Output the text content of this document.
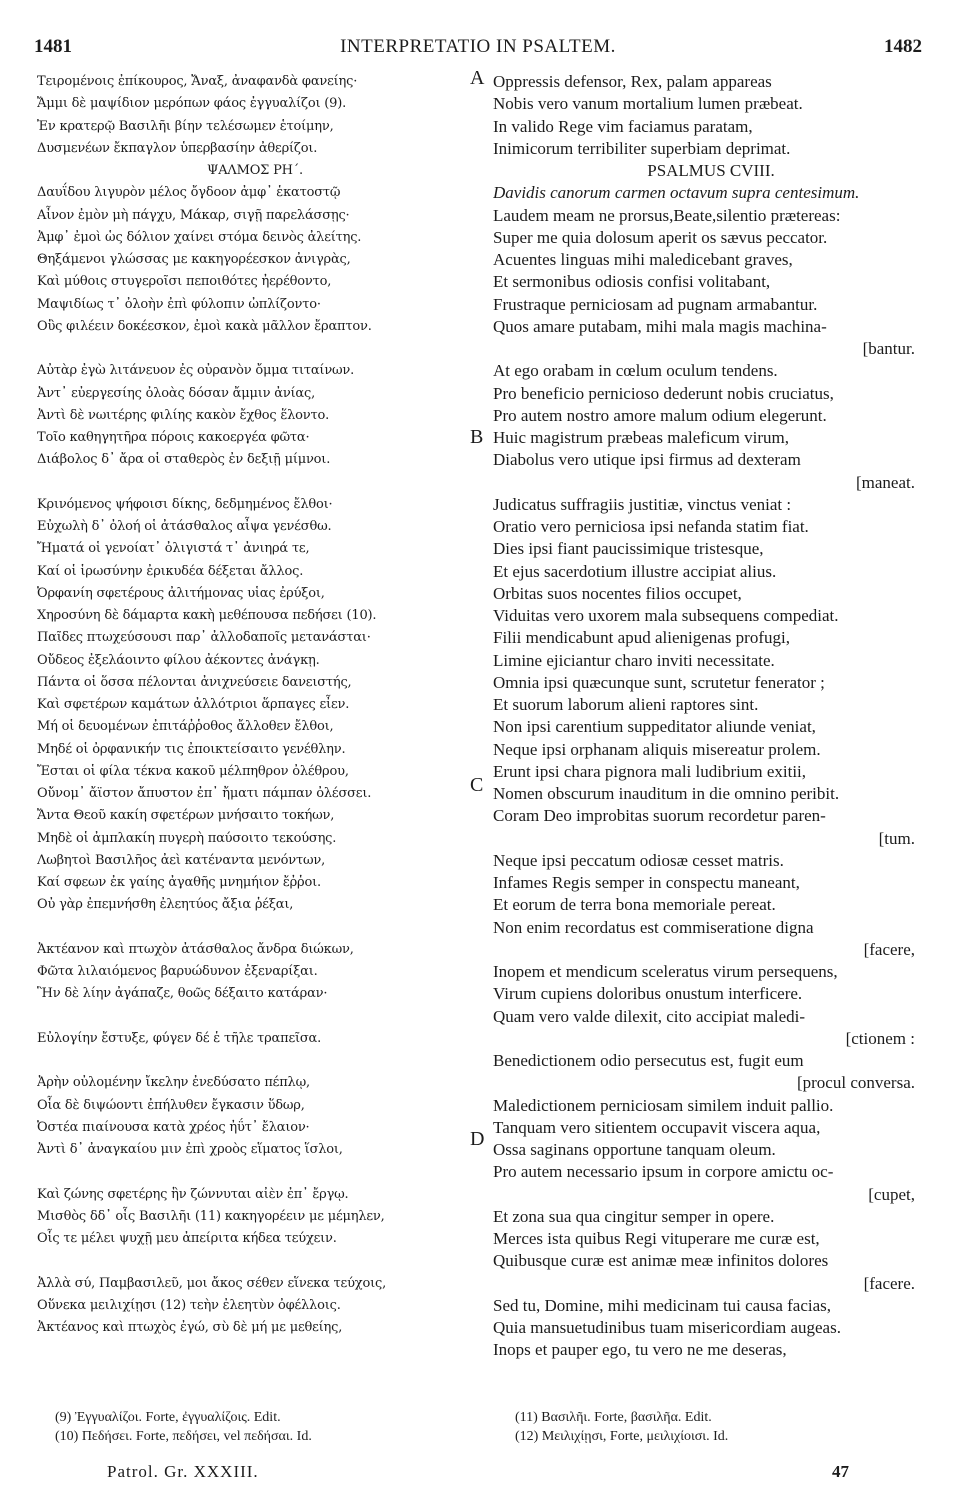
1481	INTERPRETATIO IN PSALTEM.	1482
Τειρομένοις ἐπίκουρος, Ἄναξ, ἀναφανδὰ φανείης·
Ἄμμι δὲ μαψίδιον μερόπων φάος ἐγγυαλίζοι (9).
Ἐν κρατερῷ Βασιλῆι βίην τελέσωμεν ἑτοίμην,
Δυσμενέων ἔκπαγλον ὑπερβασίην ἀθερίζοι.
ΨΑΛΜΟΣ ΡΗ΄.
Δαυΐδου λιγυρὸν μέλος ὄγδοον ἀμφ᾽ ἑκατοστῷ
Αἶνον ἐμὸν μὴ πάγχυ, Μάκαρ, σιγῇ παρελάσσῃς·
Ἀμφ᾽ ἐμοὶ ὡς δόλιον χαίνει στόμα δεινὸς ἀλείτης.
Θηξάμενοι γλώσσας με κακηγορέεσκον ἀνιγρὰς,
Καὶ μύθοις στυγεροῖσι πεποιθότες ἠερέθοντο,
Μαψιδίως τ᾽ ὀλοὴν ἐπὶ φύλοπιν ὠπλίζοντο·
Οὓς φιλέειν δοκέεσκον, ἐμοὶ κακὰ μᾶλλον ἔραπτον.
Αὐτὰρ ἐγὼ λιτάνευον ἐς οὐρανὸν ὄμμα τιταίνων.
Ἀντ᾽ εὐεργεσίης ὀλοὰς δόσαν ἄμμιν ἀνίας,
Ἀντὶ δὲ νωιτέρης φιλίης κακὸν ἔχθος ἕλοντο.
Τοῖο καθηγητῆρα πόροις κακοεργέα φῶτα·
Διάβολος δ᾽ ἄρα οἱ σταθερὸς ἐν δεξιῇ μίμνοι.
Κρινόμενος ψήφοισι δίκης, δεδμημένος ἔλθοι·
Εὐχωλὴ δ᾽ ὀλοή οἱ ἀτάσθαλος αἶψα γενέσθω.
Ἤματά οἱ γενοίατ᾽ ὀλιγιστά τ᾽ ἀνιηρά τε,
Καί οἱ ἱρωσύνην ἐρικυδέα δέξεται ἄλλος.
Ὀρφανίη σφετέρους ἀλιτήμονας υἱας ἐρύξοι,
Χηροσύνη δὲ δάμαρτα κακὴ μεθέπουσα πεδήσει (10).
Παῖδες πτωχεύσουσι παρ᾽ ἀλλοδαποῖς μετανάσται·
Οὔδεος ἐξελάοιντο φίλου ἀέκοντες ἀνάγκῃ.
Πάντα οἱ ὅσσα πέλονται ἀνιχνεύσειε δανειστής,
Καὶ σφετέρων καμάτων ἀλλότριοι ἅρπαγες εἶεν.
Μή οἱ δευομένων ἐπιτάῤῥοθος ἄλλοθεν ἔλθοι,
Μηδέ οἱ ὀρφανικήν τις ἐποικτείσαιτο γενέθλην.
Ἔσται οἱ φίλα τέκνα κακοῦ μέλπηθρον ὀλέθρου,
Οὔνομ᾽ ἄϊστον ἄπυστον ἐπ᾽ ἤματι πάμπαν ὀλέσσει.
Ἄντα Θεοῦ κακίη σφετέρων μνήσαιτο τοκήων,
Μηδὲ οἱ ἀμπλακίη πυγερὴ παύσοιτο τεκούσης.
Λωβητοὶ Βασιλῆος ἀεὶ κατέναντα μενόντων,
Καί σφεων ἐκ γαίης ἀγαθῆς μνημήιον ἔῤῥοι.
Οὐ γὰρ ἐπεμνήσθη ἐλεητύος ἄξια ῥέξαι,
Ἀκτέανον καὶ πτωχὸν ἀτάσθαλος ἄνδρα διώκων,
Φῶτα λιλαιόμενος βαρυώδυνον ἐξεναρίξαι.
Ἣν δὲ λίην ἀγάπαζε, θοῶς δέξαιτο κατάραν·
Εὐλογίην ἔστυξε, φύγεν δέ ἑ τῆλε τραπεῖσα.
Ἀρὴν οὐλομένην ἴκελην ἐνεδύσατο πέπλῳ,
Οἷα δὲ διψώοντι ἐπήλυθεν ἔγκασιν ὕδωρ,
Ὀστέα πιαίνουσα κατὰ χρέος ἠΰτ᾽ ἔλαιον·
Ἀντὶ δ᾽ ἀναγκαίου μιν ἐπὶ χροὸς εἵματος ἵσλοι,
Καὶ ζώνης σφετέρης ἣν ζώννυται αἰὲν ἐπ᾽ ἔργῳ.
Μισθὸς δδ᾽ οἷς Βασιλῆι (11) κακηγορέειν με μέμηλεν,
Οἷς τε μέλει ψυχῇ μευ ἀπείριτα κήδεα τεύχειν.
Ἀλλὰ σύ, Παμβασιλεῦ, μοι ἄκος σέθεν εἵνεκα τεύχοις,
Οὕνεκα μειλιχίῃσι (12) τεὴν ἐλεητὺν ὀφέλλοις.
Ἀκτέανος καὶ πτωχὸς ἐγώ, σὺ δὲ μή με μεθείης,
Oppressis defensor, Rex, palam appareas
Nobis vero vanum mortalium lumen præbeat.
In valido Rege vim faciamus paratam,
Inimicorum terribiliter superbiam deprimat.
PSALMUS CVIII.
Davidis canorum carmen octavum supra centesimum.
Laudem meam ne prorsus,Beate,silentio prætereas:
Super me quia dolosum aperit os sævus peccator.
Acuentes linguas mihi maledicebant graves,
Et sermonibus odiosis confisi volitabant,
Frustraque perniciosam ad pugnam armabantur.
Quos amare putabam, mihi mala magis machina-
[bantur.
At ego orabam in cœlum oculum tendens.
Pro beneficio pernicioso dederunt nobis cruciatus,
Pro autem nostro amore malum odium elegerunt.
Huic magistrum præbeas maleficum virum,
Diabolus vero utique ipsi firmus ad dexteram
[maneat.
Judicatus suffragiis justitiæ, vinctus veniat :
Oratio vero perniciosa ipsi nefanda statim fiat.
Dies ipsi fiant paucissimique tristesque,
Et ejus sacerdotium illustre accipiat alius.
Orbitas suos nocentes filios occupet,
Viduitas vero uxorem mala subsequens compediat.
Filii mendicabunt apud alienigenas profugi,
Limine ejiciantur charo inviti necessitate.
Omnia ipsi quæcunque sunt, scrutetur fenerator ;
Et suorum laborum alieni raptores sint.
Non ipsi carentium suppeditator aliunde veniat,
Neque ipsi orphanam aliquis misereatur prolem.
Erunt ipsi chara pignora mali ludibrium exitii,
Nomen obscurum inauditum in die omnino peribit.
Coram Deo improbitas suorum recordetur paren-
[tum.
Neque ipsi peccatum odiosæ cesset matris.
Infames Regis semper in conspectu maneant,
Et eorum de terra bona memoriale pereat.
Non enim recordatus est commiseratione digna
[facere,
Inopem et mendicum sceleratus virum persequens,
Virum cupiens doloribus onustum interficere.
Quam vero valde dilexit, cito accipiat maledi-
[ctionem :
Benedictionem odio persecutus est, fugit eum
[procul conversa.
Maledictionem perniciosam similem induit pallio.
Tanquam vero sitientem occupavit viscera aqua,
Ossa saginans opportune tanquam oleum.
Pro autem necessario ipsum in corpore amictu oc-
[cupet,
Et zona sua qua cingitur semper in opere.
Merces ista quibus Regi vituperare me curæ est,
Quibusque curæ est animæ meæ infinitos dolores
[facere.
Sed tu, Domine, mihi medicinam tui causa facias,
Quia mansuetudinibus tuam misericordiam augeas.
Inops et pauper ego, tu vero ne me deseras,
A
B
C
D
(9) Ἐγγυαλίζοι. Forte, ἐγγυαλίζοις. Edit.
(10) Πεδήσει. Forte, πεδήσει, vel πεδήσαι. Id.
(11) Βασιλῆι. Forte, βασιλῆα. Edit.
(12) Μειλιχίῃσι, Forte, μειλιχίοισι. Id.
Patrol. Gr. XXXIII.	47
